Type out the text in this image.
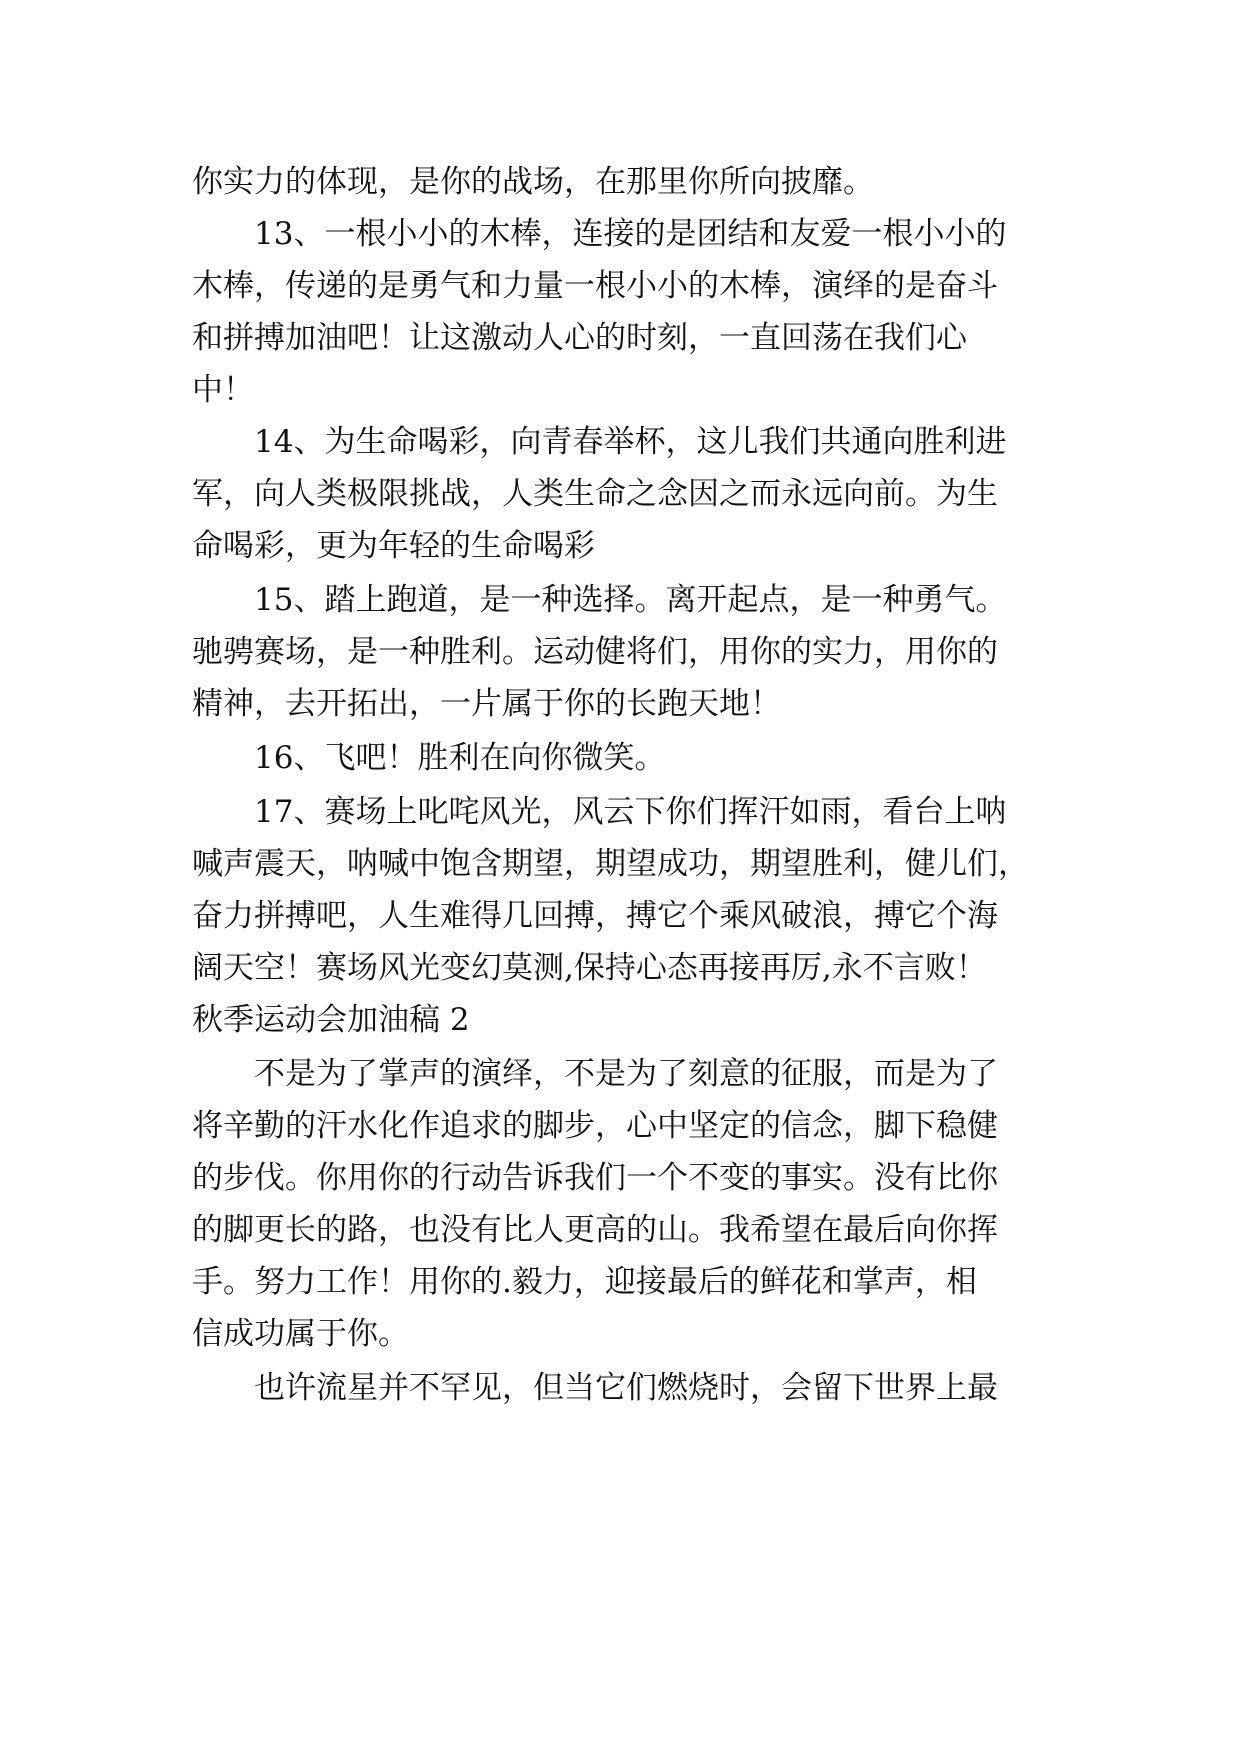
你实力的体现，是你的战场，在那里你所向披靡。
13、一根小小的木棒，连接的是团结和友爱一根小小的
木棒，传递的是勇气和力量一根小小的木棒，演绎的是奋斗
和拼搏加油吧！让这激动人心的时刻，一直回荡在我们心
中！
14、为生命喝彩，向青春举杯，这儿我们共通向胜利进
军，向人类极限挑战，人类生命之念因之而永远向前。为生
命喝彩，更为年轻的生命喝彩
15、踏上跑道，是一种选择。离开起点，是一种勇气。
驰骋赛场，是一种胜利。运动健将们，用你的实力，用你的
精神，去开拓出，一片属于你的长跑天地！
16、飞吧！胜利在向你微笑。
17、赛场上叱咤风光，风云下你们挥汗如雨，看台上呐
喊声震天，呐喊中饱含期望，期望成功，期望胜利，健儿们，
奋力拼搏吧，人生难得几回搏，搏它个乘风破浪，搏它个海
阔天空！赛场风光变幻莫测,保持心态再接再厉,永不言败！
秋季运动会加油稿 2
不是为了掌声的演绎，不是为了刻意的征服，而是为了
将辛勤的汗水化作追求的脚步，心中坚定的信念，脚下稳健
的步伐。你用你的行动告诉我们一个不变的事实。没有比你
的脚更长的路，也没有比人更高的山。我希望在最后向你挥
手。努力工作！用你的.毅力，迎接最后的鲜花和掌声，相
信成功属于你。
也许流星并不罕见，但当它们燃烧时，会留下世界上最
